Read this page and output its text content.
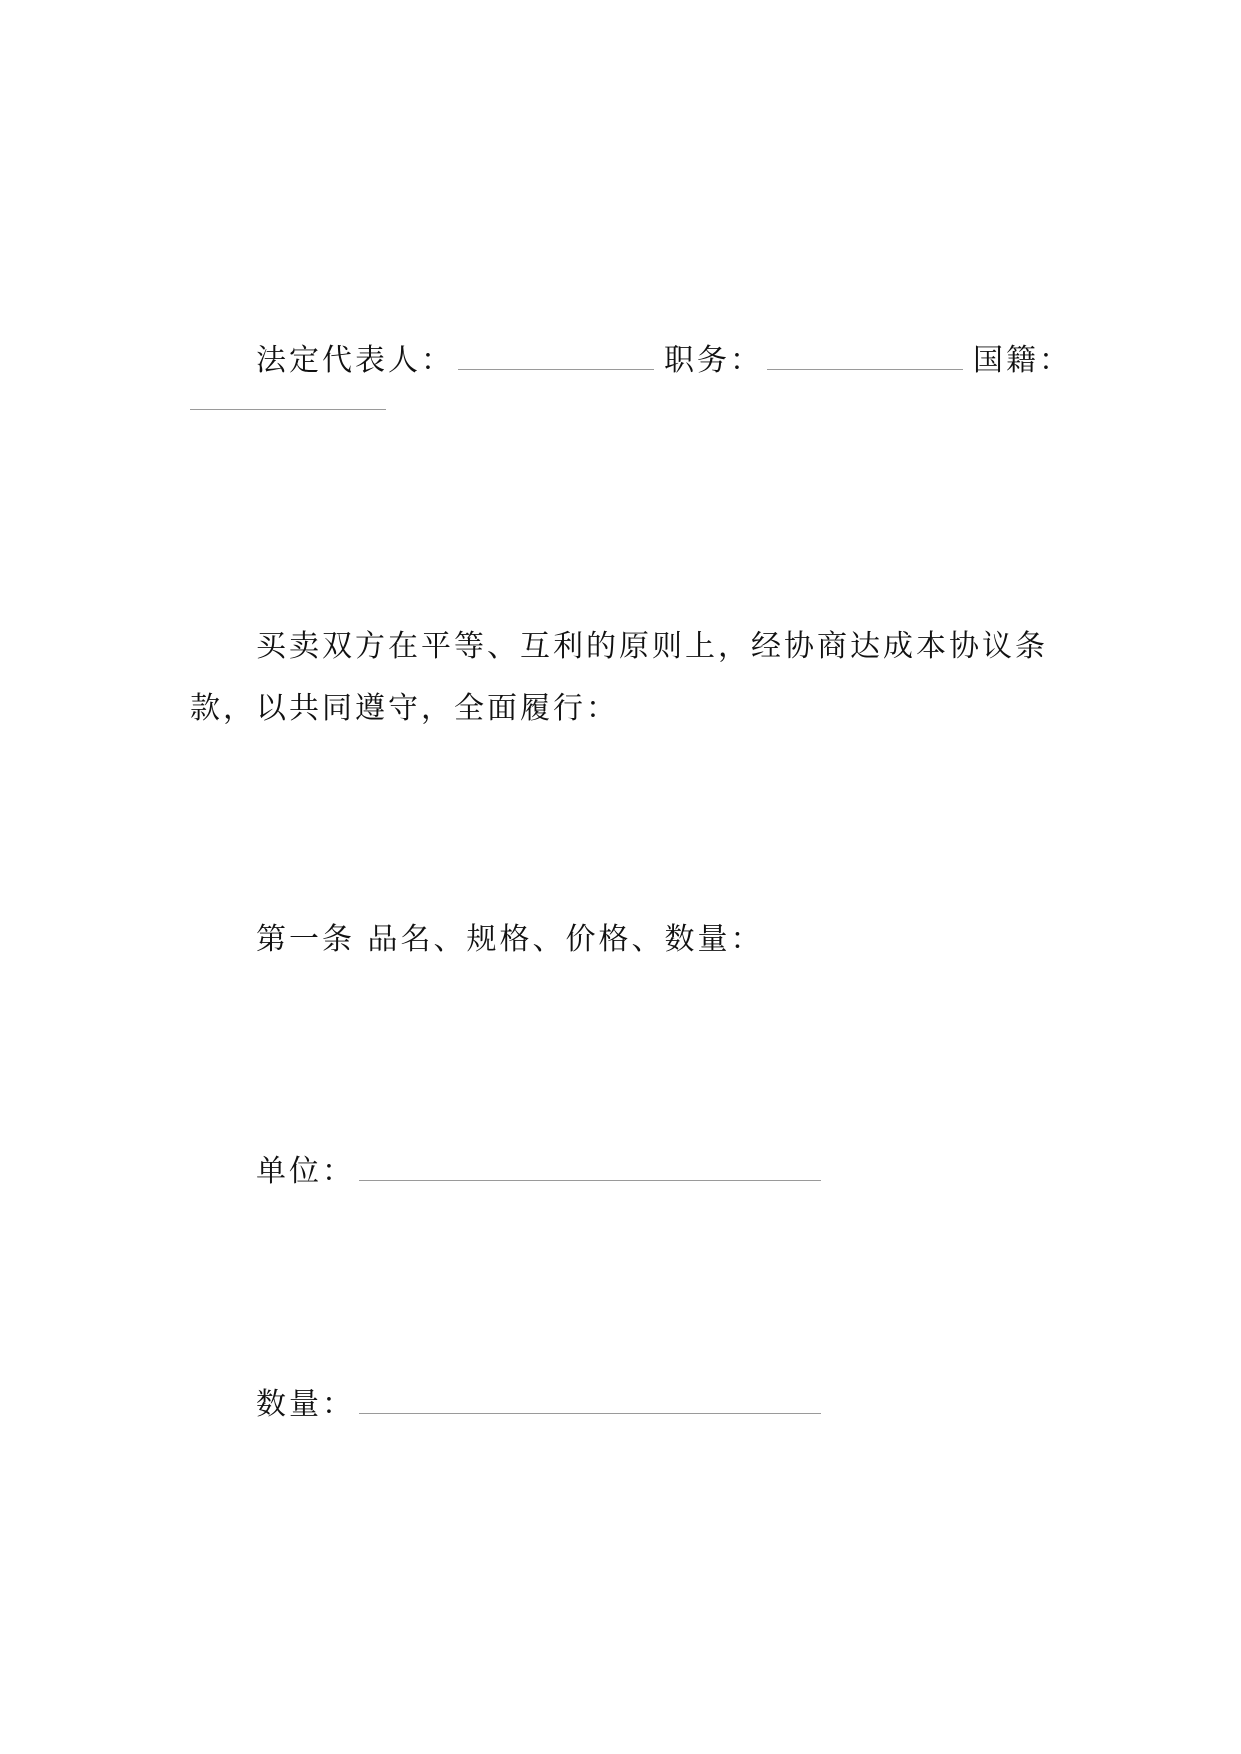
法定代表人：	职务：	国籍：
买卖双方在平等、互利的原则上，经协商达成本协议条
款，以共同遵守，全面履行：
第一条 品名、规格、价格、数量：
单位：
数量：
